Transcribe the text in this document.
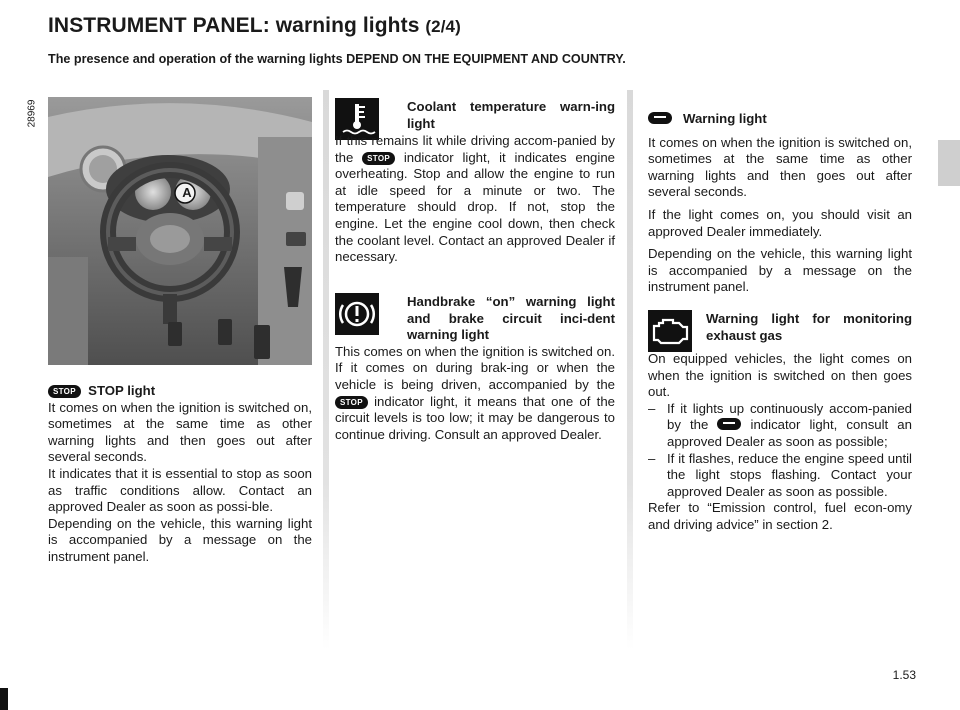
INSTRUMENT PANEL: warning lights (2/4)
The presence and operation of the warning lights DEPEND ON THE EQUIPMENT AND COUNTRY.
28969
A

STOP STOP light

It comes on when the ignition is switched on, sometimes at the same time as other warning lights and then goes out after several seconds.

It indicates that it is essential to stop as soon as traffic conditions allow. Contact an approved Dealer as soon as possi-ble.

Depending on the vehicle, this warning light is accompanied by a message on the instrument panel.

Coolant temperature warn-ing light

If this remains lit while driving accom-panied by the STOP indicator light, it indicates engine overheating. Stop and allow the engine to run at idle speed for a minute or two. The temperature should drop. If not, stop the engine. Let the engine cool down, then check the coolant level. Contact an approved Dealer if necessary.

Handbrake “on” warning light and brake circuit inci-dent warning light

This comes on when the ignition is switched on. If it comes on during brak-ing or when the vehicle is being driven, accompanied by the STOP indicator light, it means that one of the circuit levels is too low; it may be dangerous to continue driving. Consult an approved Dealer.

Warning light

It comes on when the ignition is switched on, sometimes at the same time as other warning lights and then goes out after several seconds.

If the light comes on, you should visit an approved Dealer immediately.

Depending on the vehicle, this warning light is accompanied by a message on the instrument panel.

Warning light for monitoring exhaust gas

On equipped vehicles, the light comes on when the ignition is switched on then goes out.

– If it lights up continuously accom-panied by the	indicator light, consult an approved Dealer as soon as possible;
– If it flashes, reduce the engine speed until the light stops flashing. Contact your approved Dealer as soon as possible.

Refer to “Emission control, fuel econ-omy and driving advice” in section 2.

1.53
